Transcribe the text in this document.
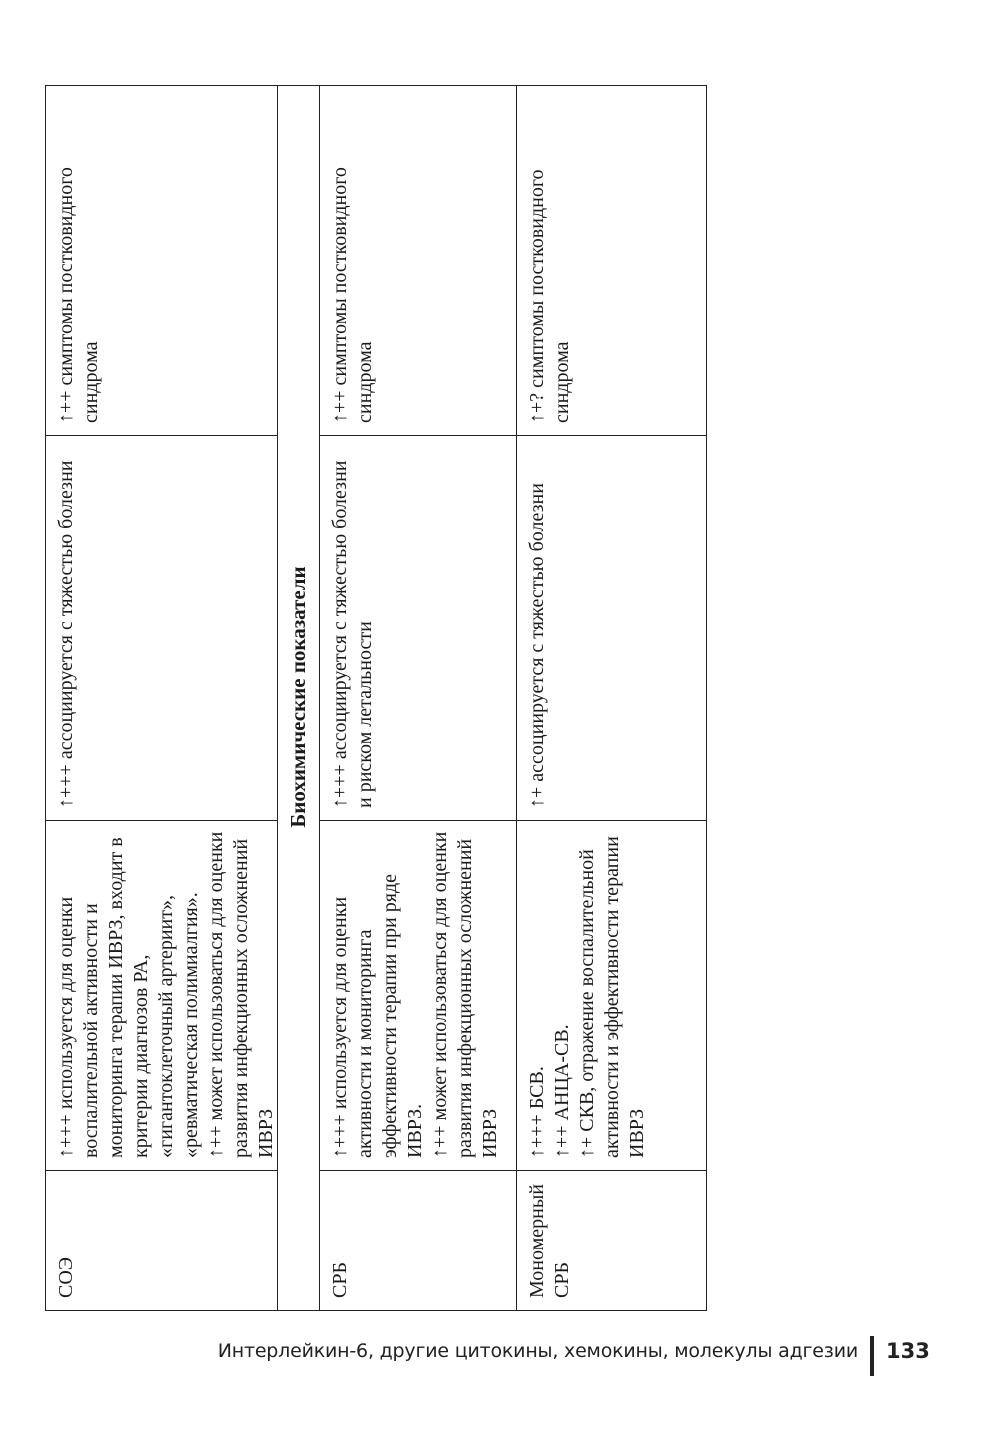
СОЭ
↑+++ используется для оценки воспалительной активности и мониторинга терапии ИВРЗ, входит в критерии диагнозов РА, «гигантоклеточный артериит», «ревматическая полимиалгия».
↑++ может использоваться для оценки развития инфекционных осложнений ИВРЗ
↑+++ ассоциируется с тяжестью болезни
↑++ симптомы постковидного синдрома
Биохимические показатели
СРБ
↑+++ используется для оценки активности и мониторинга эффективности терапии при ряде ИВРЗ.
↑++ может использоваться для оценки развития инфекционных осложнений ИВРЗ
↑+++ ассоциируется с тяжестью болезни и риском летальности
↑++ симптомы постковидного синдрома
Мономерный СРБ
↑+++ БСВ.
↑++ АНЦА-СВ.
↑+ СКВ, отражение воспалительной активности и эффективности терапии ИВРЗ
↑+ ассоциируется с тяжестью болезни
↑+? симптомы постковидного синдрома
Интерлейкин-6, другие цитокины, хемокины, молекулы адгезии 133
